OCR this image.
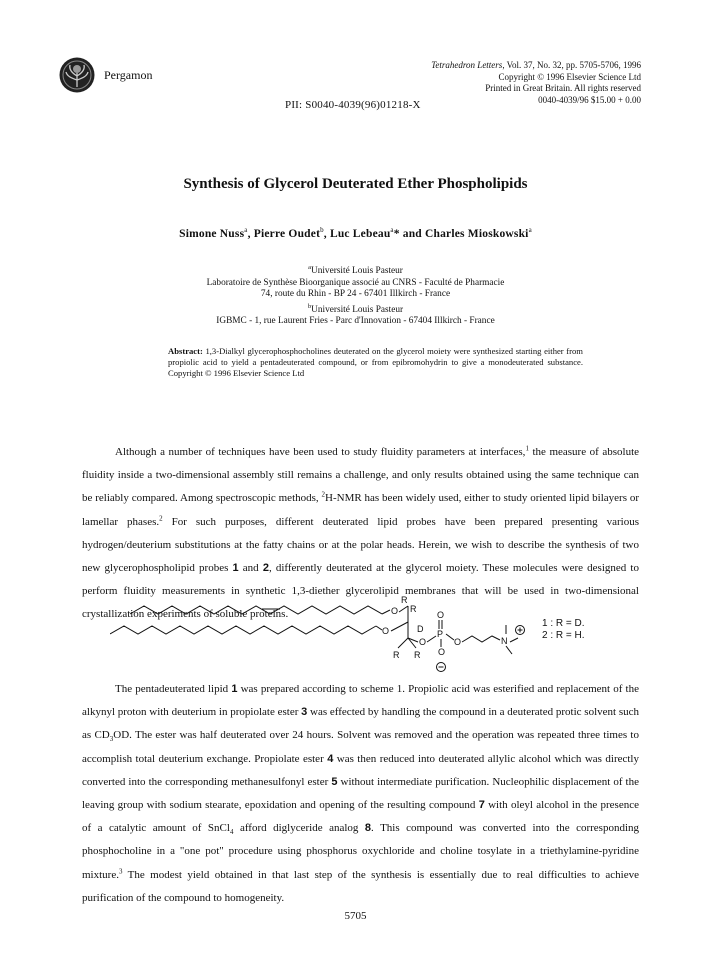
Pergamon
Tetrahedron Letters, Vol. 37, No. 32, pp. 5705-5706, 1996
Copyright © 1996 Elsevier Science Ltd
Printed in Great Britain. All rights reserved
0040-4039/96 $15.00 + 0.00
PII: S0040-4039(96)01218-X
Synthesis of Glycerol Deuterated Ether Phospholipids
Simone Nuss$^a$, Pierre Oudet$^b$, Luc Lebeau$^a$* and Charles Mioskowski$^a$
$^a$Université Louis Pasteur
Laboratoire de Synthèse Bioorganique associé au CNRS - Faculté de Pharmacie
74, route du Rhin - BP 24 - 67401 Illkirch - France
$^b$Université Louis Pasteur
IGBMC - 1, rue Laurent Fries - Parc d'Innovation - 67404 Illkirch - France
Abstract: 1,3-Dialkyl glycerophosphocholines deuterated on the glycerol moiety were synthesized starting either from propiolic acid to yield a pentadeuterated compound, or from epibromohydrin to give a monodeuterated substance. Copyright © 1996 Elsevier Science Ltd

Although a number of techniques have been used to study fluidity parameters at interfaces,$^1$ the measure of absolute fluidity inside a two-dimensional assembly still remains a challenge, and only results obtained using the same technique can be reliably compared. Among spectroscopic methods, $^2$H-NMR has been widely used, either to study oriented lipid bilayers or lamellar phases.$^2$ For such purposes, different deuterated lipid probes have been prepared presenting various hydrogen/deuterium substitutions at the fatty chains or at the polar heads. Herein, we wish to describe the synthesis of two new glycerophospholipid probes 1 and 2, differently deuterated at the glycerol moiety. These molecules were designed to perform fluidity measurements in synthetic 1,3-diether glycerolipid membranes that will be used in two-dimensional crystallization experiments of soluble proteins.	O
R
R
O	D
R R
O
P
O
O
O	N
1 : R = D.
2 : R = H.

The pentadeuterated lipid 1 was prepared according to scheme 1. Propiolic acid was esterified and replacement of the alkynyl proton with deuterium in propiolate ester 3 was effected by handling the compound in a deuterated protic solvent such as $CD_3OD$. The ester was half deuterated over 24 hours. Solvent was removed and the operation was repeated three times to accomplish total deuterium exchange. Propiolate ester 4 was then reduced into deuterated allylic alcohol which was directly converted into the corresponding methanesulfonyl ester 5 without intermediate purification. Nucleophilic displacement of the leaving group with sodium stearate, epoxidation and opening of the resulting compound 7 with oleyl alcohol in the presence of a catalytic amount of SnCl$_4$ afford diglyceride analog 8. This compound was converted into the corresponding phosphocholine in a "one pot" procedure using phosphorus oxychloride and choline tosylate in a triethylamine-pyridine mixture.$^3$ The modest yield obtained in that last step of the synthesis is essentially due to real difficulties to achieve purification of the compound to homogeneity.

5705
